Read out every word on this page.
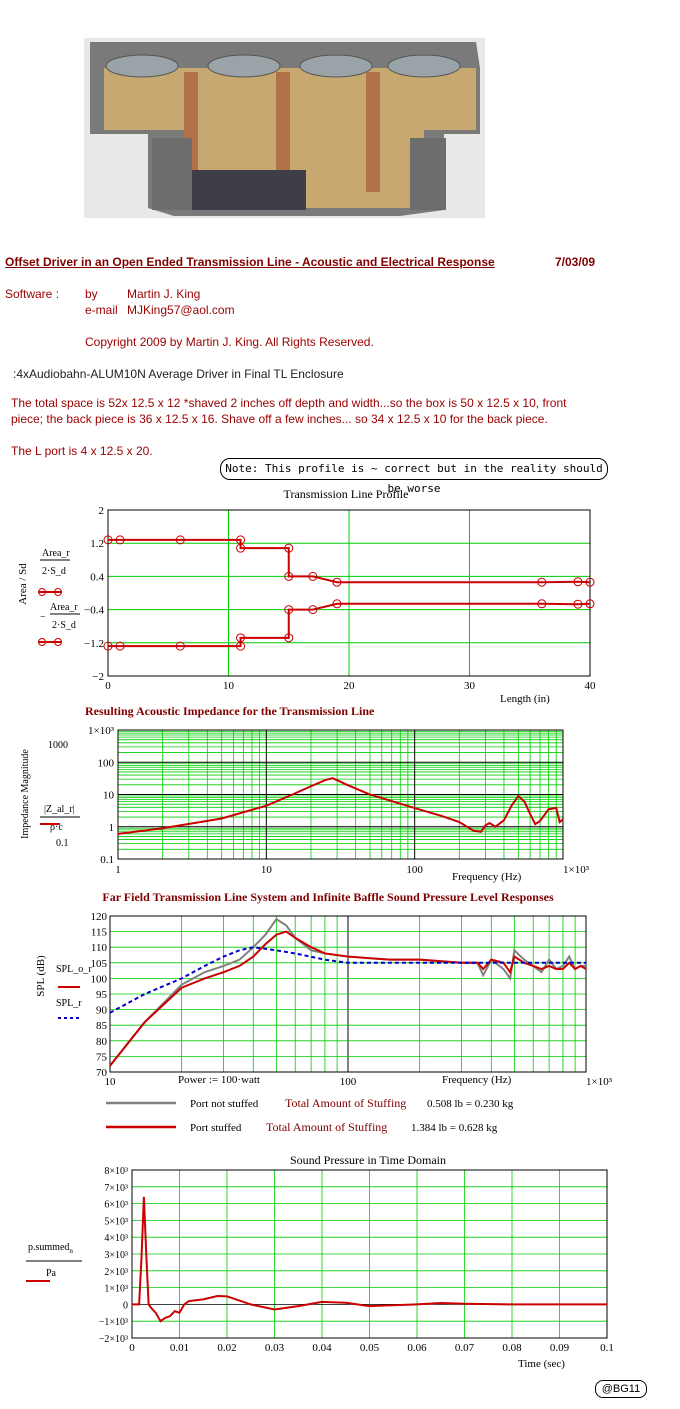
Offset Driver in an Open Ended Transmission Line - Acoustic and Electrical Response	7/03/09
Software : by Martin J. King
e-mail MJKing57@aol.com
Copyright 2009 by Martin J. King. All Rights Reserved.
:4xAudiobahn-ALUM10N Average Driver in Final TL Enclosure
The total space is 52x 12.5 x 12 *shaved 2 inches off depth and width...so the box is 50 x 12.5 x 10, front
piece; the back piece is 36 x 12.5 x 16. Shave off a few inches... so 34 x 12.5 x 10 for the back piece.
The L port is 4 x 12.5 x 20.
Note: This profile is ~ correct but in the reality should be worse
Transmission Line Profile
Area_r
2·S_d
Area_r
−
2·S_d
Area / Sd
Length (in)
0	10	20	30	40
2
1.2
0.4
−0.4
−1.2
−2
Resulting Acoustic Impedance for the Transmission Line
Impedance Magnitude
1000
|Z_al_r|
ρ·c
0.1
Frequency (Hz)
1	10	100	1×10³
1×10³
100
10
1
0.1
Far Field Transmission Line System and Infinite Baffle Sound Pressure Level Responses
SPL (dB) SPL_o_r
SPL_r
Power := 100·watt	Frequency (Hz)
Port not stuffed Total Amount of Stuffing 0.508 lb = 0.230 kg
Port stuffed Total Amount of Stuffing 1.384 lb = 0.628 kg
10	100	1×10³
120
115
110
105
100
95
90
85
80
75
70
Sound Pressure in Time Domain
p.summed$_n$
Pa
Time (sec)
0	0.01	0.02	0.03	0.04	0.05	0.06	0.07	0.08	0.09	0.1
8×10³
7×10³
6×10³
5×10³
4×10³
3×10³
2×10³
1×10³
0
−1×10³
−2×10³
@BG11
